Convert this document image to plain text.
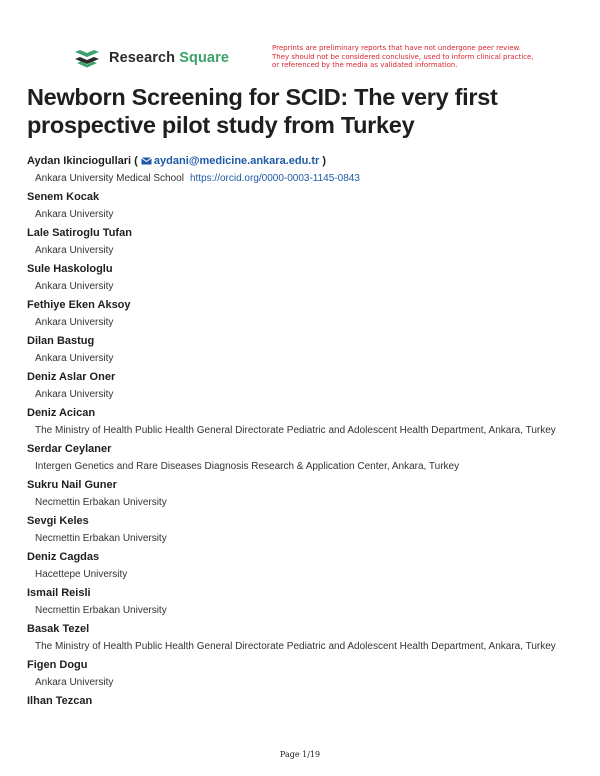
Research Square
Preprints are preliminary reports that have not undergone peer review.
They should not be considered conclusive, used to inform clinical practice,
or referenced by the media as validated information.
Newborn Screening for SCID: The very first prospective pilot study from Turkey
Aydan Ikinciogullari ( aydani@medicine.ankara.edu.tr )
Ankara University Medical School https://orcid.org/0000-0003-1145-0843
Senem Kocak
Ankara University
Lale Satiroglu Tufan
Ankara University
Sule Haskologlu
Ankara University
Fethiye Eken Aksoy
Ankara University
Dilan Bastug
Ankara University
Deniz Aslar Oner
Ankara University
Deniz Acican
The Ministry of Health Public Health General Directorate Pediatric and Adolescent Health Department, Ankara, Turkey
Serdar Ceylaner
Intergen Genetics and Rare Diseases Diagnosis Research & Application Center, Ankara, Turkey
Sukru Nail Guner
Necmettin Erbakan University
Sevgi Keles
Necmettin Erbakan University
Deniz Cagdas
Hacettepe University
Ismail Reisli
Necmettin Erbakan University
Basak Tezel
The Ministry of Health Public Health General Directorate Pediatric and Adolescent Health Department, Ankara, Turkey
Figen Dogu
Ankara University
Ilhan Tezcan
Page 1/19
